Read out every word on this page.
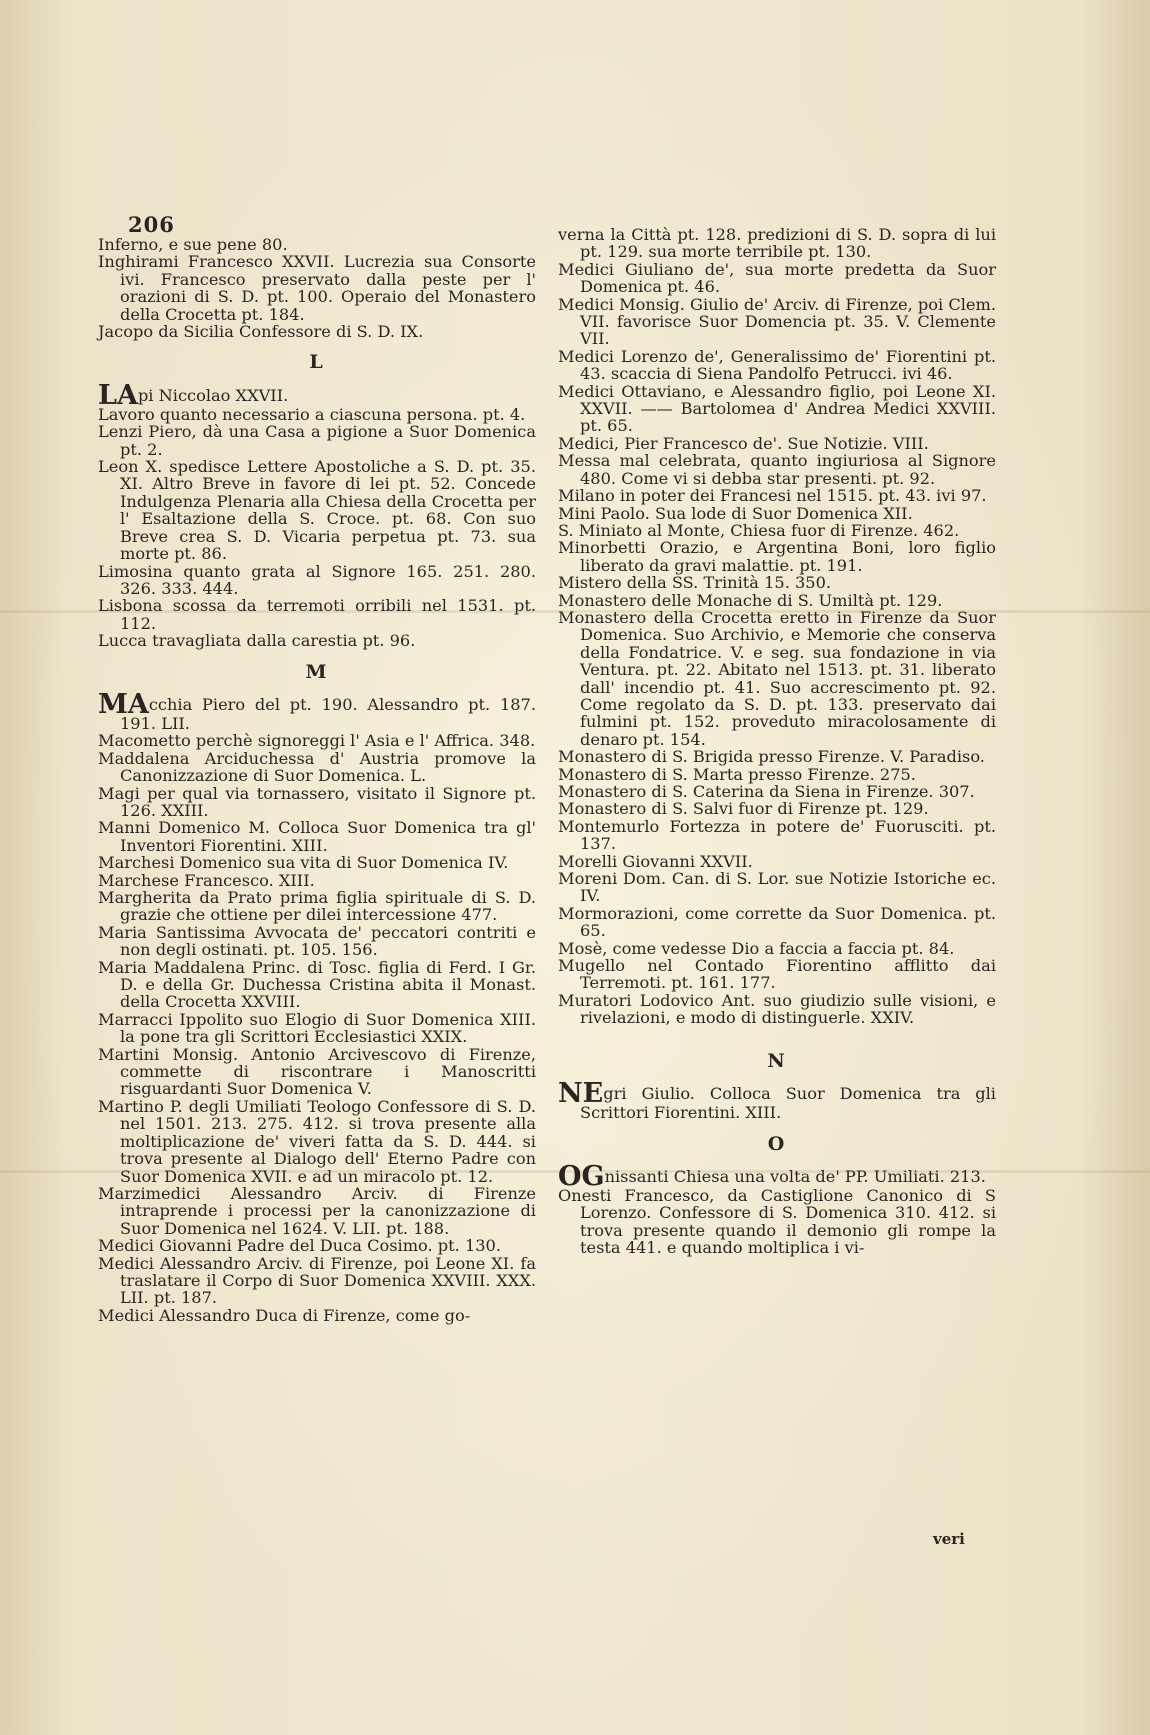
206

Inferno, e sue pene 80.

Inghirami Francesco XXVII. Lucrezia sua Consorte ivi. Francesco preservato dalla peste per l' orazioni di S. D. pt. 100. Operaio del Monastero della Crocetta pt. 184.

Jacopo da Sicilia Confessore di S. D. IX.

L

LApi Niccolao XXVII.

Lavoro quanto necessario a ciascuna persona. pt. 4.

Lenzi Piero, dà una Casa a pigione a Suor Domenica pt. 2.

Leon X. spedisce Lettere Apostoliche a S. D. pt. 35. XI. Altro Breve in favore di lei pt. 52. Concede Indulgenza Plenaria alla Chiesa della Crocetta per l' Esaltazione della S. Croce. pt. 68. Con suo Breve crea S. D. Vicaria perpetua pt. 73. sua morte pt. 86.

Limosina quanto grata al Signore 165. 251. 280. 326. 333. 444.

Lisbona scossa da terremoti orribili nel 1531. pt. 112.

Lucca travagliata dalla carestia pt. 96.

M

MAcchia Piero del pt. 190. Alessandro pt. 187. 191. LII.

Macometto perchè signoreggi l' Asia e l' Affrica. 348.

Maddalena Arciduchessa d' Austria promove la Canonizzazione di Suor Domenica. L.

Magi per qual via tornassero, visitato il Signore pt. 126. XXIII.

Manni Domenico M. Colloca Suor Domenica tra gl' Inventori Fiorentini. XIII.

Marchesi Domenico sua vita di Suor Domenica IV.

Marchese Francesco. XIII.

Margherita da Prato prima figlia spirituale di S. D. grazie che ottiene per dilei intercessione 477.

Maria Santissima Avvocata de' peccatori contriti e non degli ostinati. pt. 105. 156.

Maria Maddalena Princ. di Tosc. figlia di Ferd. I Gr. D. e della Gr. Duchessa Cristina abita il Monast. della Crocetta XXVIII.

Marracci Ippolito suo Elogio di Suor Domenica XIII. la pone tra gli Scrittori Ecclesiastici XXIX.

Martini Monsig. Antonio Arcivescovo di Firenze, commette di riscontrare i Manoscritti risguardanti Suor Domenica V.

Martino P. degli Umiliati Teologo Confessore di S. D. nel 1501. 213. 275. 412. si trova presente alla moltiplicazione de' viveri fatta da S. D. 444. si trova presente al Dialogo dell' Eterno Padre con Suor Domenica XVII. e ad un miracolo pt. 12.

Marzimedici Alessandro Arciv. di Firenze intraprende i processi per la canonizzazione di Suor Domenica nel 1624. V. LII. pt. 188.

Medici Giovanni Padre del Duca Cosimo. pt. 130.

Medici Alessandro Arciv. di Firenze, poi Leone XI. fa traslatare il Corpo di Suor Domenica XXVIII. XXX. LII. pt. 187.

Medici Alessandro Duca di Firenze, come go-

verna la Città pt. 128. predizioni di S. D. sopra di lui pt. 129. sua morte terribile pt. 130.

Medici Giuliano de', sua morte predetta da Suor Domenica pt. 46.

Medici Monsig. Giulio de' Arciv. di Firenze, poi Clem. VII. favorisce Suor Domencia pt. 35. V. Clemente VII.

Medici Lorenzo de', Generalissimo de' Fiorentini pt. 43. scaccia di Siena Pandolfo Petrucci. ivi 46.

Medici Ottaviano, e Alessandro figlio, poi Leone XI. XXVII. —— Bartolomea d' Andrea Medici XXVIII. pt. 65.

Medici, Pier Francesco de'. Sue Notizie. VIII.

Messa mal celebrata, quanto ingiuriosa al Signore 480. Come vi si debba star presenti. pt. 92.

Milano in poter dei Francesi nel 1515. pt. 43. ivi 97.

Mini Paolo. Sua lode di Suor Domenica XII.

S. Miniato al Monte, Chiesa fuor di Firenze. 462.

Minorbetti Orazio, e Argentina Boni, loro figlio liberato da gravi malattie. pt. 191.

Mistero della SS. Trinità 15. 350.

Monastero delle Monache di S. Umiltà pt. 129.

Monastero della Crocetta eretto in Firenze da Suor Domenica. Suo Archivio, e Memorie che conserva della Fondatrice. V. e seg. sua fondazione in via Ventura. pt. 22. Abitato nel 1513. pt. 31. liberato dall' incendio pt. 41. Suo accrescimento pt. 92. Come regolato da S. D. pt. 133. preservato dai fulmini pt. 152. proveduto miracolosamente di denaro pt. 154.

Monastero di S. Brigida presso Firenze. V. Paradiso.

Monastero di S. Marta presso Firenze. 275.

Monastero di S. Caterina da Siena in Firenze. 307.

Monastero di S. Salvi fuor di Firenze pt. 129.

Montemurlo Fortezza in potere de' Fuorusciti. pt. 137.

Morelli Giovanni XXVII.

Moreni Dom. Can. di S. Lor. sue Notizie Istoriche ec. IV.

Mormorazioni, come corrette da Suor Domenica. pt. 65.

Mosè, come vedesse Dio a faccia a faccia pt. 84.

Mugello nel Contado Fiorentino afflitto dai Terremoti. pt. 161. 177.

Muratori Lodovico Ant. suo giudizio sulle visioni, e rivelazioni, e modo di distinguerle. XXIV.

N

NEgri Giulio. Colloca Suor Domenica tra gli Scrittori Fiorentini. XIII.

O

OGnissanti Chiesa una volta de' PP. Umiliati. 213.

Onesti Francesco, da Castiglione Canonico di S Lorenzo. Confessore di S. Domenica 310. 412. si trova presente quando il demonio gli rompe la testa 441. e quando moltiplica i vi-

veri
